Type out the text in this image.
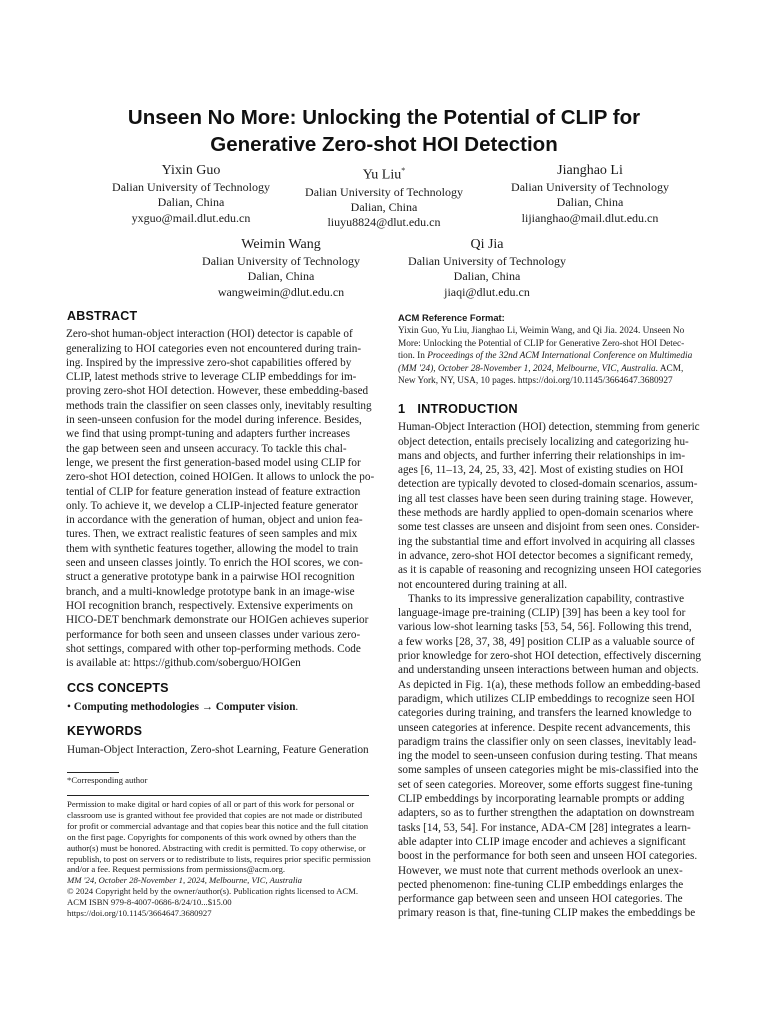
Unseen No More: Unlocking the Potential of CLIP for
Generative Zero-shot HOI Detection
Yixin Guo
Dalian University of Technology
Dalian, China
yxguo@mail.dlut.edu.cn
Yu Liu*
Dalian University of Technology
Dalian, China
liuyu8824@dlut.edu.cn
Jianghao Li
Dalian University of Technology
Dalian, China
lijianghao@mail.dlut.edu.cn
Weimin Wang
Dalian University of Technology
Dalian, China
wangweimin@dlut.edu.cn
Qi Jia
Dalian University of Technology
Dalian, China
jiaqi@dlut.edu.cn
ABSTRACT
Zero-shot human-object interaction (HOI) detector is capable of
generalizing to HOI categories even not encountered during train-
ing. Inspired by the impressive zero-shot capabilities offered by
CLIP, latest methods strive to leverage CLIP embeddings for im-
proving zero-shot HOI detection. However, these embedding-based
methods train the classifier on seen classes only, inevitably resulting
in seen-unseen confusion for the model during inference. Besides,
we find that using prompt-tuning and adapters further increases
the gap between seen and unseen accuracy. To tackle this chal-
lenge, we present the first generation-based model using CLIP for
zero-shot HOI detection, coined HOIGen. It allows to unlock the po-
tential of CLIP for feature generation instead of feature extraction
only. To achieve it, we develop a CLIP-injected feature generator
in accordance with the generation of human, object and union fea-
tures. Then, we extract realistic features of seen samples and mix
them with synthetic features together, allowing the model to train
seen and unseen classes jointly. To enrich the HOI scores, we con-
struct a generative prototype bank in a pairwise HOI recognition
branch, and a multi-knowledge prototype bank in an image-wise
HOI recognition branch, respectively. Extensive experiments on
HICO-DET benchmark demonstrate our HOIGen achieves superior
performance for both seen and unseen classes under various zero-
shot settings, compared with other top-performing methods. Code
is available at: https://github.com/soberguo/HOIGen
CCS CONCEPTS
• Computing methodologies → Computer vision.
KEYWORDS
Human-Object Interaction, Zero-shot Learning, Feature Generation
*Corresponding author
Permission to make digital or hard copies of all or part of this work for personal or
classroom use is granted without fee provided that copies are not made or distributed
for profit or commercial advantage and that copies bear this notice and the full citation
on the first page. Copyrights for components of this work owned by others than the
author(s) must be honored. Abstracting with credit is permitted. To copy otherwise, or
republish, to post on servers or to redistribute to lists, requires prior specific permission
and/or a fee. Request permissions from permissions@acm.org.
MM '24, October 28-November 1, 2024, Melbourne, VIC, Australia
© 2024 Copyright held by the owner/author(s). Publication rights licensed to ACM.
ACM ISBN 979-8-4007-0686-8/24/10...$15.00
https://doi.org/10.1145/3664647.3680927
ACM Reference Format:
Yixin Guo, Yu Liu, Jianghao Li, Weimin Wang, and Qi Jia. 2024. Unseen No
More: Unlocking the Potential of CLIP for Generative Zero-shot HOI Detec-
tion. In Proceedings of the 32nd ACM International Conference on Multimedia
(MM '24), October 28-November 1, 2024, Melbourne, VIC, Australia. ACM,
New York, NY, USA, 10 pages. https://doi.org/10.1145/3664647.3680927
1 INTRODUCTION
Human-Object Interaction (HOI) detection, stemming from generic
object detection, entails precisely localizing and categorizing hu-
mans and objects, and further inferring their relationships in im-
ages [6, 11–13, 24, 25, 33, 42]. Most of existing studies on HOI
detection are typically devoted to closed-domain scenarios, assum-
ing all test classes have been seen during training stage. However,
these methods are hardly applied to open-domain scenarios where
some test classes are unseen and disjoint from seen ones. Consider-
ing the substantial time and effort involved in acquiring all classes
in advance, zero-shot HOI detector becomes a significant remedy,
as it is capable of reasoning and recognizing unseen HOI categories
not encountered during training at all.
Thanks to its impressive generalization capability, contrastive
language-image pre-training (CLIP) [39] has been a key tool for
various low-shot learning tasks [53, 54, 56]. Following this trend,
a few works [28, 37, 38, 49] position CLIP as a valuable source of
prior knowledge for zero-shot HOI detection, effectively discerning
and understanding unseen interactions between human and objects.
As depicted in Fig. 1(a), these methods follow an embedding-based
paradigm, which utilizes CLIP embeddings to recognize seen HOI
categories during training, and transfers the learned knowledge to
unseen categories at inference. Despite recent advancements, this
paradigm trains the classifier only on seen classes, inevitably lead-
ing the model to seen-unseen confusion during testing. That means
some samples of unseen categories might be mis-classified into the
set of seen categories. Moreover, some efforts suggest fine-tuning
CLIP embeddings by incorporating learnable prompts or adding
adapters, so as to further strengthen the adaptation on downstream
tasks [14, 53, 54]. For instance, ADA-CM [28] integrates a learn-
able adapter into CLIP image encoder and achieves a significant
boost in the performance for both seen and unseen HOI categories.
However, we must note that current methods overlook an unex-
pected phenomenon: fine-tuning CLIP embeddings enlarges the
performance gap between seen and unseen HOI categories. The
primary reason is that, fine-tuning CLIP makes the embeddings be
